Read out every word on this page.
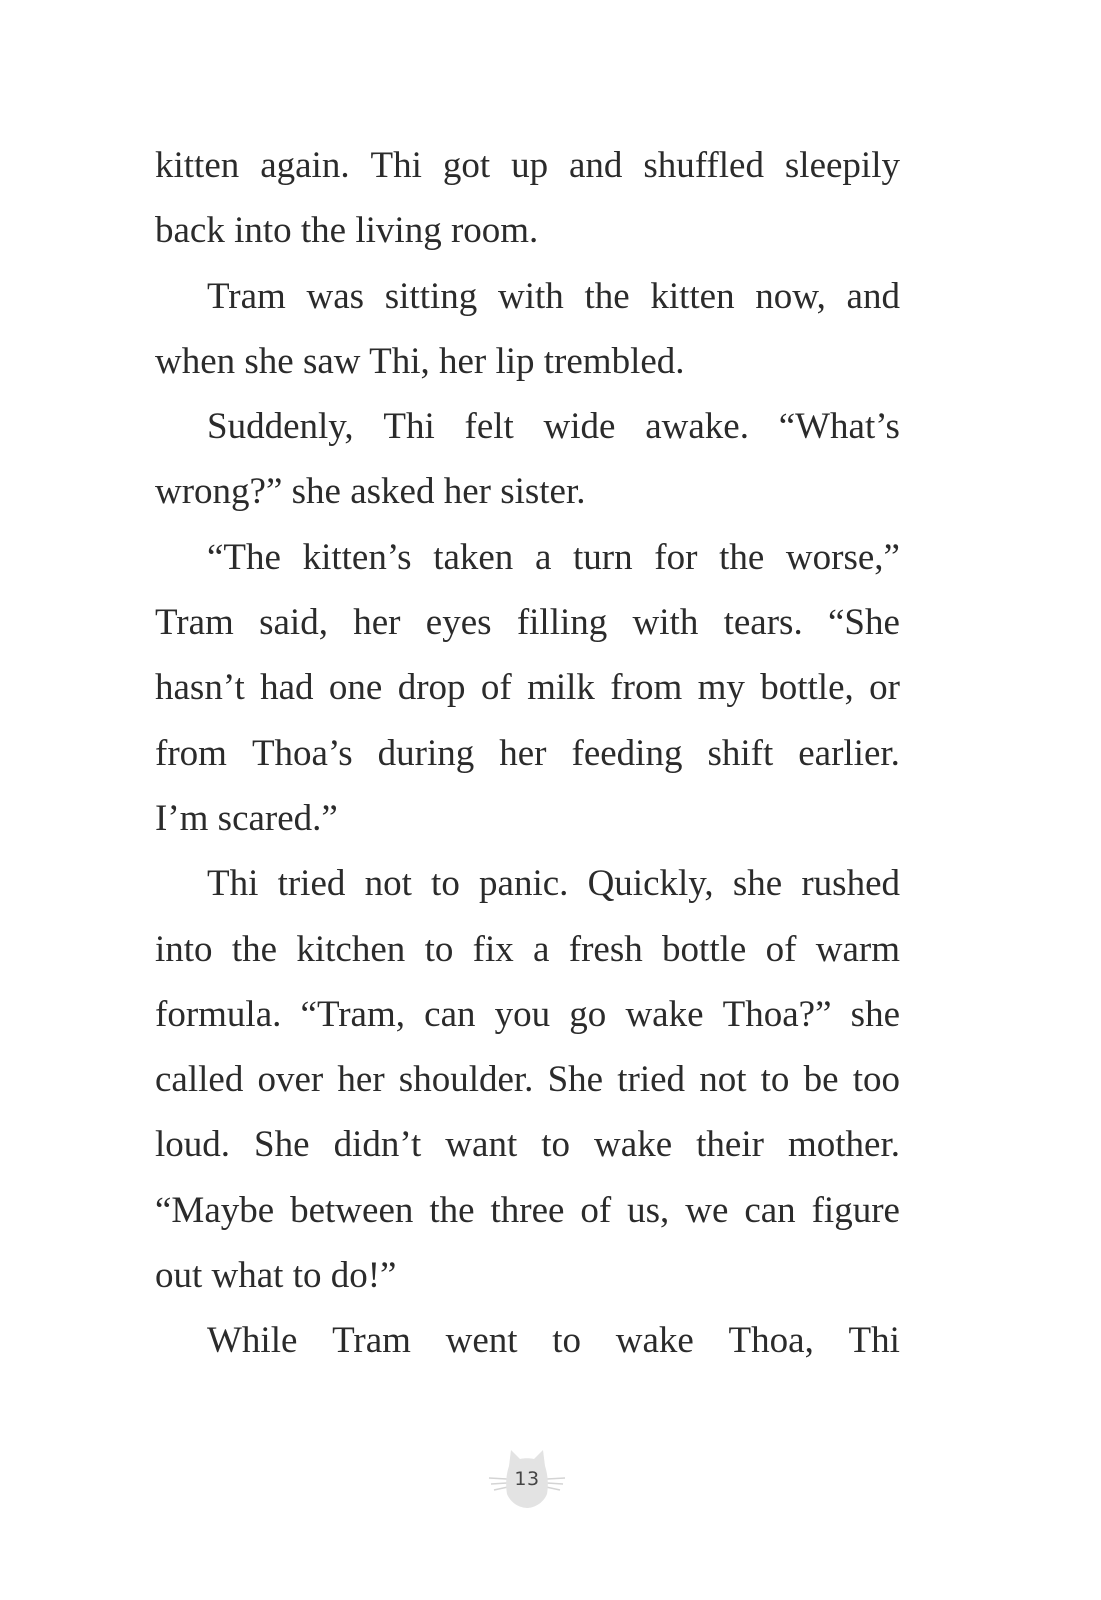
kitten again. Thi got up and shuffled sleepily
back into the living room.
Tram was sitting with the kitten now, and
when she saw Thi, her lip trembled.
Suddenly, Thi felt wide awake. “What’s
wrong?” she asked her sister.
“The kitten’s taken a turn for the worse,”
Tram said, her eyes filling with tears. “She
hasn’t had one drop of milk from my bottle, or
from Thoa’s during her feeding shift earlier.
I’m scared.”
Thi tried not to panic. Quickly, she rushed
into the kitchen to fix a fresh bottle of warm
formula. “Tram, can you go wake Thoa?” she
called over her shoulder. She tried not to be too
loud. She didn’t want to wake their mother.
“Maybe between the three of us, we can figure
out what to do!”
While Tram went to wake Thoa, Thi
13
